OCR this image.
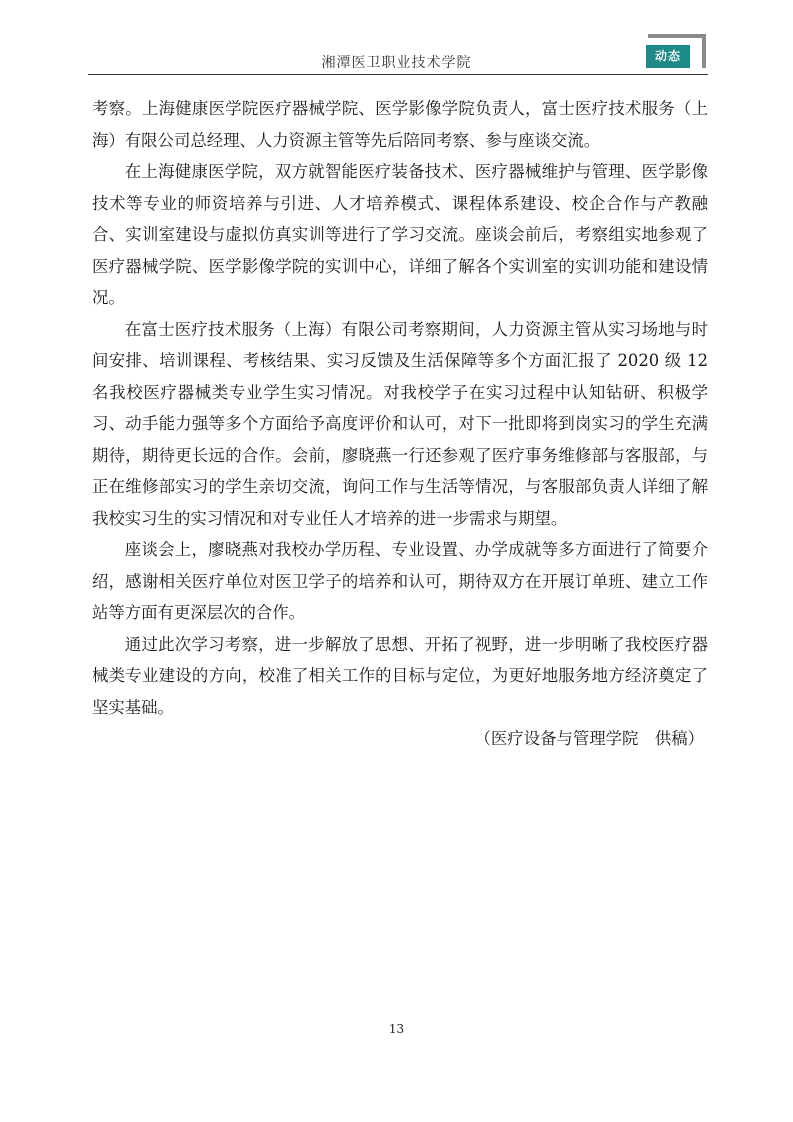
湘潭医卫职业技术学院	动态

考察。上海健康医学院医疗器械学院、医学影像学院负责人，富士医疗技术服务（上海）有限公司总经理、人力资源主管等先后陪同考察、参与座谈交流。

在上海健康医学院，双方就智能医疗装备技术、医疗器械维护与管理、医学影像技术等专业的师资培养与引进、人才培养模式、课程体系建设、校企合作与产教融合、实训室建设与虚拟仿真实训等进行了学习交流。座谈会前后，考察组实地参观了医疗器械学院、医学影像学院的实训中心，详细了解各个实训室的实训功能和建设情况。

在富士医疗技术服务（上海）有限公司考察期间，人力资源主管从实习场地与时间安排、培训课程、考核结果、实习反馈及生活保障等多个方面汇报了 2020 级 12 名我校医疗器械类专业学生实习情况。对我校学子在实习过程中认知钻研、积极学习、动手能力强等多个方面给予高度评价和认可，对下一批即将到岗实习的学生充满期待，期待更长远的合作。会前，廖晓燕一行还参观了医疗事务维修部与客服部，与正在维修部实习的学生亲切交流，询问工作与生活等情况，与客服部负责人详细了解我校实习生的实习情况和对专业任人才培养的进一步需求与期望。

座谈会上，廖晓燕对我校办学历程、专业设置、办学成就等多方面进行了简要介绍，感谢相关医疗单位对医卫学子的培养和认可，期待双方在开展订单班、建立工作站等方面有更深层次的合作。

通过此次学习考察，进一步解放了思想、开拓了视野，进一步明晰了我校医疗器械类专业建设的方向，校准了相关工作的目标与定位，为更好地服务地方经济奠定了坚实基础。

（医疗设备与管理学院　供稿）

13
